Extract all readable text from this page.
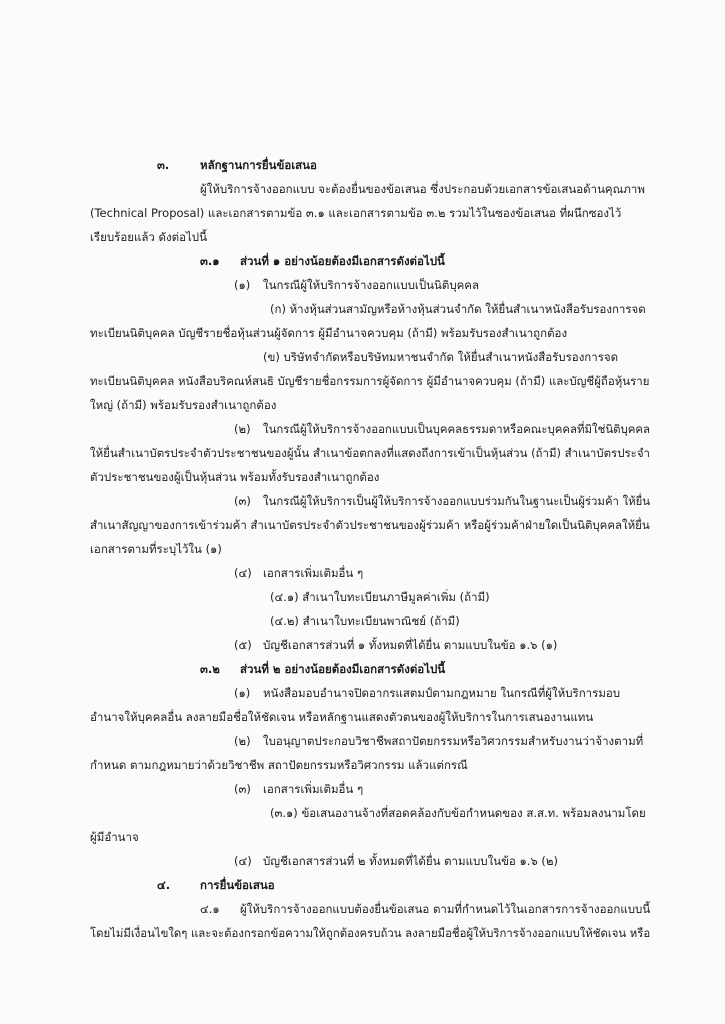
๓.	หลักฐานการยื่นข้อเสนอ
ผู้ให้บริการจ้างออกแบบ จะต้องยื่นของข้อเสนอ ซึ่งประกอบด้วยเอกสารข้อเสนอด้านคุณภาพ
(Technical Proposal) และเอกสารตามข้อ ๓.๑ และเอกสารตามข้อ ๓.๒ รวมไว้ในซองข้อเสนอ ที่ผนึกซองไว้
เรียบร้อยแล้ว ดังต่อไปนี้
๓.๑ ส่วนที่ ๑ อย่างน้อยต้องมีเอกสารดังต่อไปนี้
(๑) ในกรณีผู้ให้บริการจ้างออกแบบเป็นนิติบุคคล
(ก) ห้างหุ้นส่วนสามัญหรือห้างหุ้นส่วนจำกัด ให้ยื่นสำเนาหนังสือรับรองการจด
ทะเบียนนิติบุคคล บัญชีรายชื่อหุ้นส่วนผู้จัดการ ผู้มีอำนาจควบคุม (ถ้ามี) พร้อมรับรองสำเนาถูกต้อง
(ข) บริษัทจำกัดหรือบริษัทมหาชนจำกัด ให้ยื่นสำเนาหนังสือรับรองการจด
ทะเบียนนิติบุคคล หนังสือบริคณห์สนธิ บัญชีรายชื่อกรรมการผู้จัดการ ผู้มีอำนาจควบคุม (ถ้ามี) และบัญชีผู้ถือหุ้นราย
ใหญ่ (ถ้ามี) พร้อมรับรองสำเนาถูกต้อง
(๒) ในกรณีผู้ให้บริการจ้างออกแบบเป็นบุคคลธรรมดาหรือคณะบุคคลที่มิใช่นิติบุคคล
ให้ยื่นสำเนาบัตรประจำตัวประชาชนของผู้นั้น สำเนาข้อตกลงที่แสดงถึงการเข้าเป็นหุ้นส่วน (ถ้ามี) สำเนาบัตรประจำ
ตัวประชาชนของผู้เป็นหุ้นส่วน พร้อมทั้งรับรองสำเนาถูกต้อง
(๓) ในกรณีผู้ให้บริการเป็นผู้ให้บริการจ้างออกแบบร่วมกันในฐานะเป็นผู้ร่วมค้า ให้ยื่น
สำเนาสัญญาของการเข้าร่วมค้า สำเนาบัตรประจำตัวประชาชนของผู้ร่วมค้า หรือผู้ร่วมค้าฝ่ายใดเป็นนิติบุคคลให้ยื่น
เอกสารตามที่ระบุไว้ใน (๑)
(๔) เอกสารเพิ่มเติมอื่น ๆ
(๔.๑) สำเนาใบทะเบียนภาษีมูลค่าเพิ่ม (ถ้ามี)
(๔.๒) สำเนาใบทะเบียนพาณิชย์ (ถ้ามี)
(๕) บัญชีเอกสารส่วนที่ ๑ ทั้งหมดที่ได้ยื่น ตามแบบในข้อ ๑.๖ (๑)
๓.๒ ส่วนที่ ๒ อย่างน้อยต้องมีเอกสารดังต่อไปนี้
(๑) หนังสือมอบอำนาจปิดอากรแสตมป์ตามกฎหมาย ในกรณีที่ผู้ให้บริการมอบ
อำนาจให้บุคคลอื่น ลงลายมือชื่อให้ชัดเจน หรือหลักฐานแสดงตัวตนของผู้ให้บริการในการเสนองานแทน
(๒) ใบอนุญาตประกอบวิชาชีพสถาปัตยกรรมหรือวิศวกรรมสำหรับงานว่าจ้างตามที่
กำหนด ตามกฎหมายว่าด้วยวิชาชีพ สถาปัตยกรรมหรือวิศวกรรม แล้วแต่กรณี
(๓) เอกสารเพิ่มเติมอื่น ๆ
(๓.๑) ข้อเสนองานจ้างที่สอดคล้องกับข้อกำหนดของ ส.ส.ท. พร้อมลงนามโดย
ผู้มีอำนาจ
(๔) บัญชีเอกสารส่วนที่ ๒ ทั้งหมดที่ได้ยื่น ตามแบบในข้อ ๑.๖ (๒)
๔.	การยื่นข้อเสนอ
๔.๑ ผู้ให้บริการจ้างออกแบบต้องยื่นข้อเสนอ ตามที่กำหนดไว้ในเอกสารการจ้างออกแบบนี้
โดยไม่มีเงื่อนไขใดๆ และจะต้องกรอกข้อความให้ถูกต้องครบถ้วน ลงลายมือชื่อผู้ให้บริการจ้างออกแบบให้ชัดเจน หรือ
